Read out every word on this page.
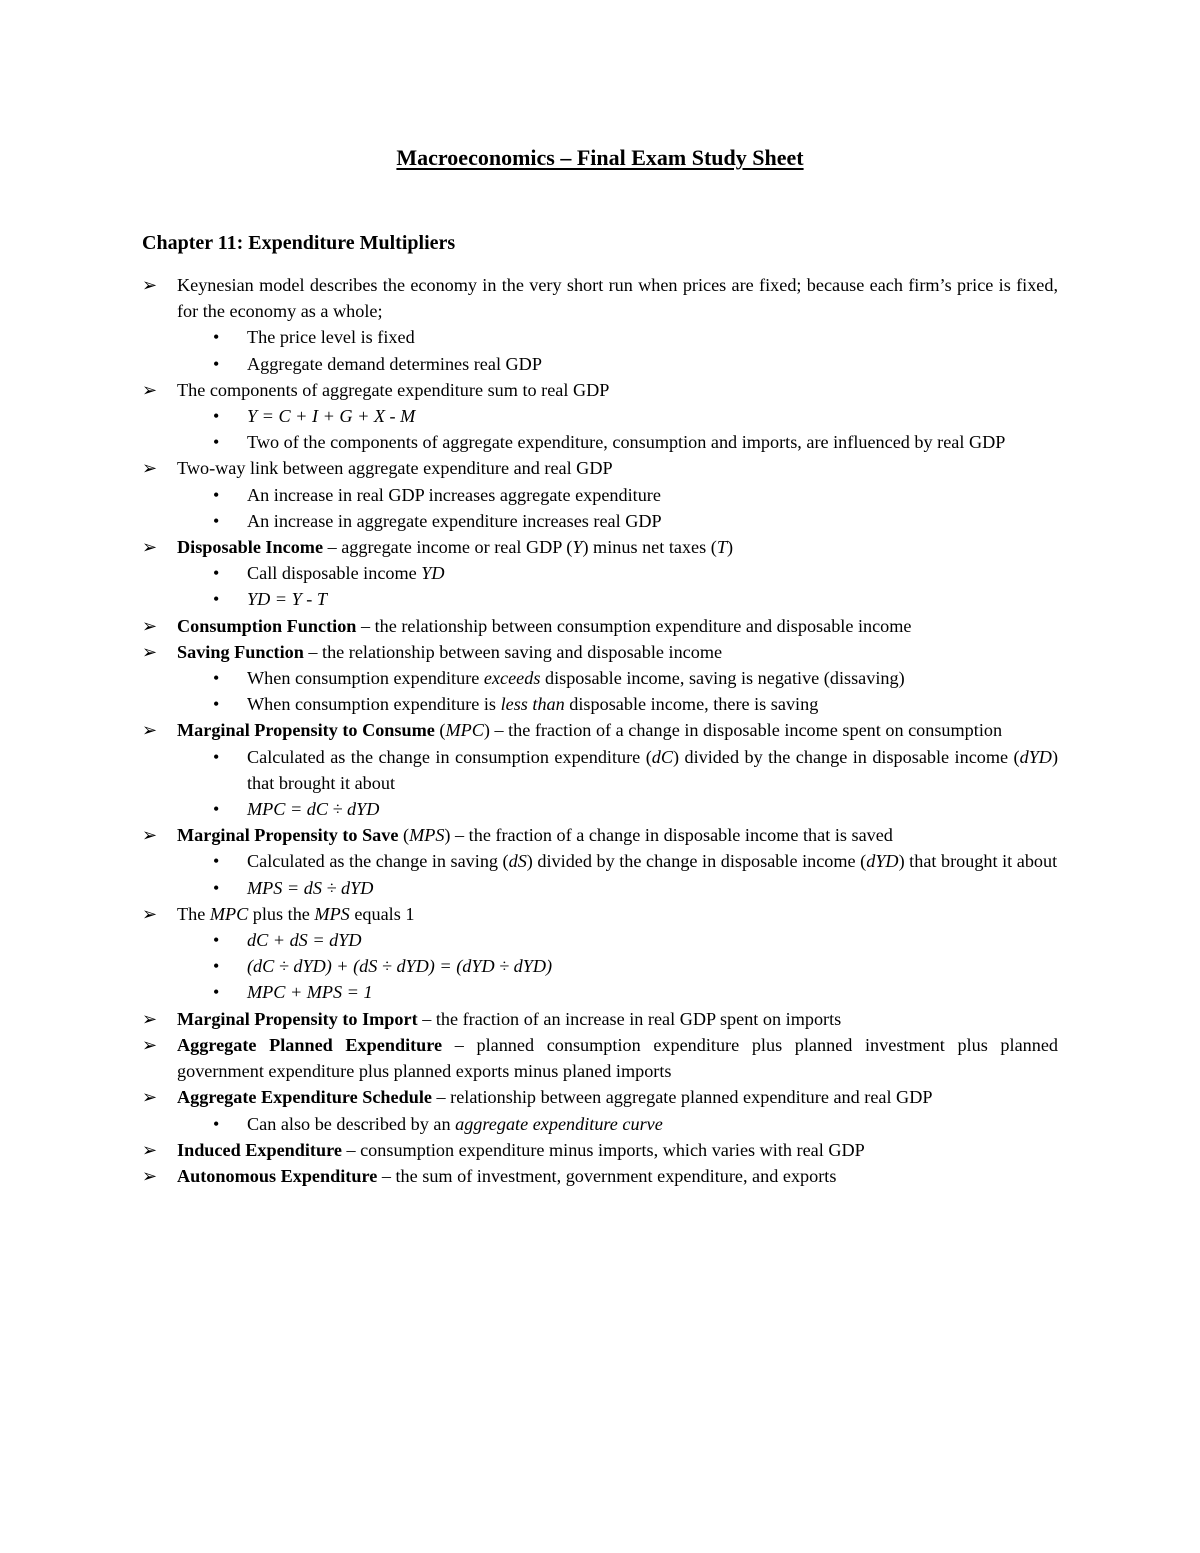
Macroeconomics – Final Exam Study Sheet
Chapter 11: Expenditure Multipliers
➢	Keynesian model describes the economy in the very short run when prices are fixed; because each firm’s price is fixed, for the economy as a whole;
• The price level is fixed
• Aggregate demand determines real GDP
➢	The components of aggregate expenditure sum to real GDP
• Y = C + I + G + X - M
• Two of the components of aggregate expenditure, consumption and imports, are influenced by real GDP
➢	Two-way link between aggregate expenditure and real GDP
• An increase in real GDP increases aggregate expenditure
• An increase in aggregate expenditure increases real GDP
➢	Disposable Income – aggregate income or real GDP (Y) minus net taxes (T)
• Call disposable income YD
• YD = Y - T
➢	Consumption Function – the relationship between consumption expenditure and disposable income
➢	Saving Function – the relationship between saving and disposable income
• When consumption expenditure exceeds disposable income, saving is negative (dissaving)
• When consumption expenditure is less than disposable income, there is saving
➢	Marginal Propensity to Consume (MPC) – the fraction of a change in disposable income spent on consumption
• Calculated as the change in consumption expenditure (dC) divided by the change in disposable income (dYD) that brought it about
• MPC = dC ÷ dYD
➢	Marginal Propensity to Save (MPS) – the fraction of a change in disposable income that is saved
• Calculated as the change in saving (dS) divided by the change in disposable income (dYD) that brought it about
• MPS = dS ÷ dYD
➢	The MPC plus the MPS equals 1
• dC + dS = dYD
• (dC ÷ dYD) + (dS ÷ dYD) = (dYD ÷ dYD)
• MPC + MPS = 1
➢	Marginal Propensity to Import – the fraction of an increase in real GDP spent on imports
➢	Aggregate Planned Expenditure – planned consumption expenditure plus planned investment plus planned government expenditure plus planned exports minus planed imports
➢	Aggregate Expenditure Schedule – relationship between aggregate planned expenditure and real GDP
• Can also be described by an aggregate expenditure curve
➢	Induced Expenditure – consumption expenditure minus imports, which varies with real GDP
➢	Autonomous Expenditure – the sum of investment, government expenditure, and exports
